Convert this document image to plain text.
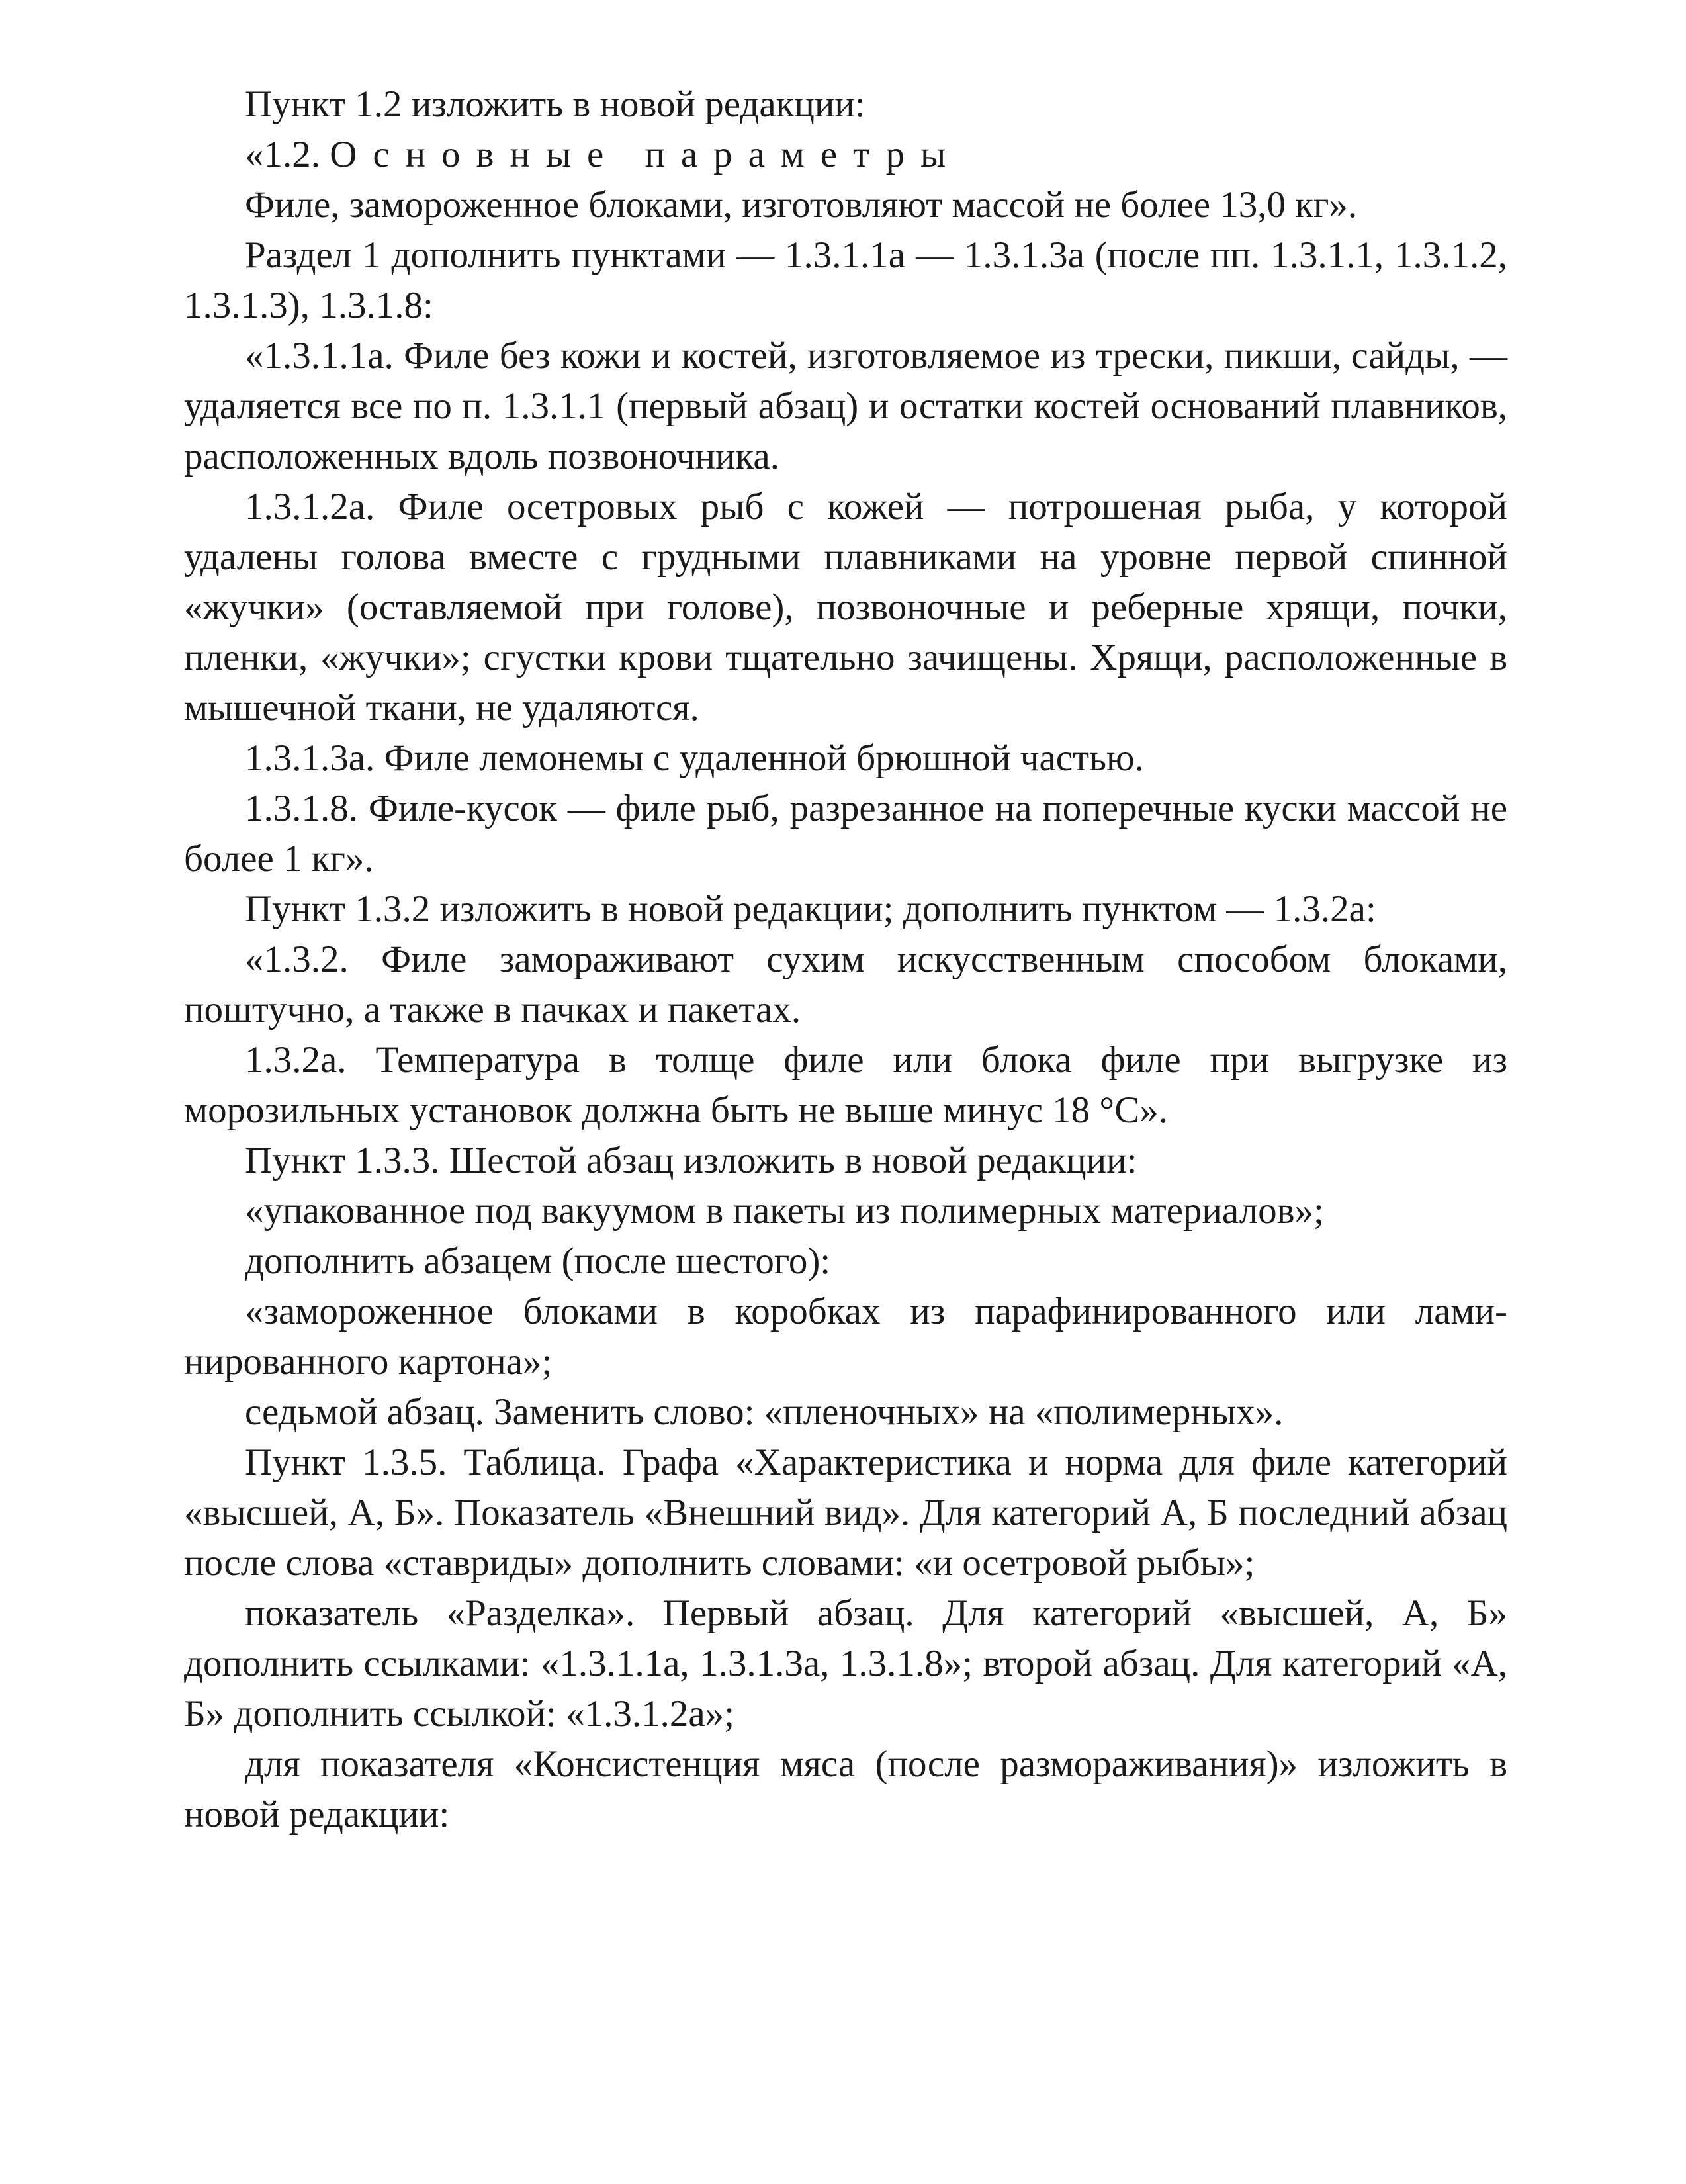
Пункт 1.2 изложить в новой редакции:

«1.2. Основные параметры

Филе, замороженное блоками, изготовляют массой не более 13,0 кг».

Раздел 1 дополнить пунктами — 1.3.1.1а — 1.3.1.3а (после пп. 1.3.1.1, 1.3.1.2, 1.3.1.3), 1.3.1.8:

«1.3.1.1а. Филе без кожи и костей, изготовляемое из трески, пикши, сайды, — удаляется все по п. 1.3.1.1 (первый абзац) и остатки костей оснований плавников, расположенных вдоль позвоночника.

1.3.1.2а. Филе осетровых рыб с кожей — потрошеная рыба, у которой удалены голова вместе с грудными плавниками на уровне первой спинной «жучки» (оставляемой при голове), позвоночные и реберные хрящи, почки, пленки, «жучки»; сгустки крови тщательно зачищены. Хрящи, расположенные в мышечной ткани, не удаляются.

1.3.1.3а. Филе лемонемы с удаленной брюшной частью.

1.3.1.8. Филе-кусок — филе рыб, разрезанное на поперечные куски массой не более 1 кг».

Пункт 1.3.2 изложить в новой редакции; дополнить пунктом — 1.3.2а:

«1.3.2. Филе замораживают сухим искусственным способом блоками, поштучно, а также в пачках и пакетах.

1.3.2а. Температура в толще филе или блока филе при выгрузке из морозильных установок должна быть не выше минус 18 °С».

Пункт 1.3.3. Шестой абзац изложить в новой редакции:

«упакованное под вакуумом в пакеты из полимерных материалов»;

дополнить абзацем (после шестого):

«замороженное блоками в коробках из парафинированного или ламинированного картона»;

седьмой абзац. Заменить слово: «пленочных» на «полимерных».

Пункт 1.3.5. Таблица. Графа «Характеристика и норма для филе категорий «высшей, А, Б». Показатель «Внешний вид». Для категорий А, Б последний абзац после слова «ставриды» дополнить словами: «и осетровой рыбы»;

показатель «Разделка». Первый абзац. Для категорий «высшей, А, Б» дополнить ссылками: «1.3.1.1а, 1.3.1.3а, 1.3.1.8»; второй абзац. Для категорий «А, Б» дополнить ссылкой: «1.3.1.2а»;

для показателя «Консистенция мяса (после размораживания)» изложить в новой редакции:
